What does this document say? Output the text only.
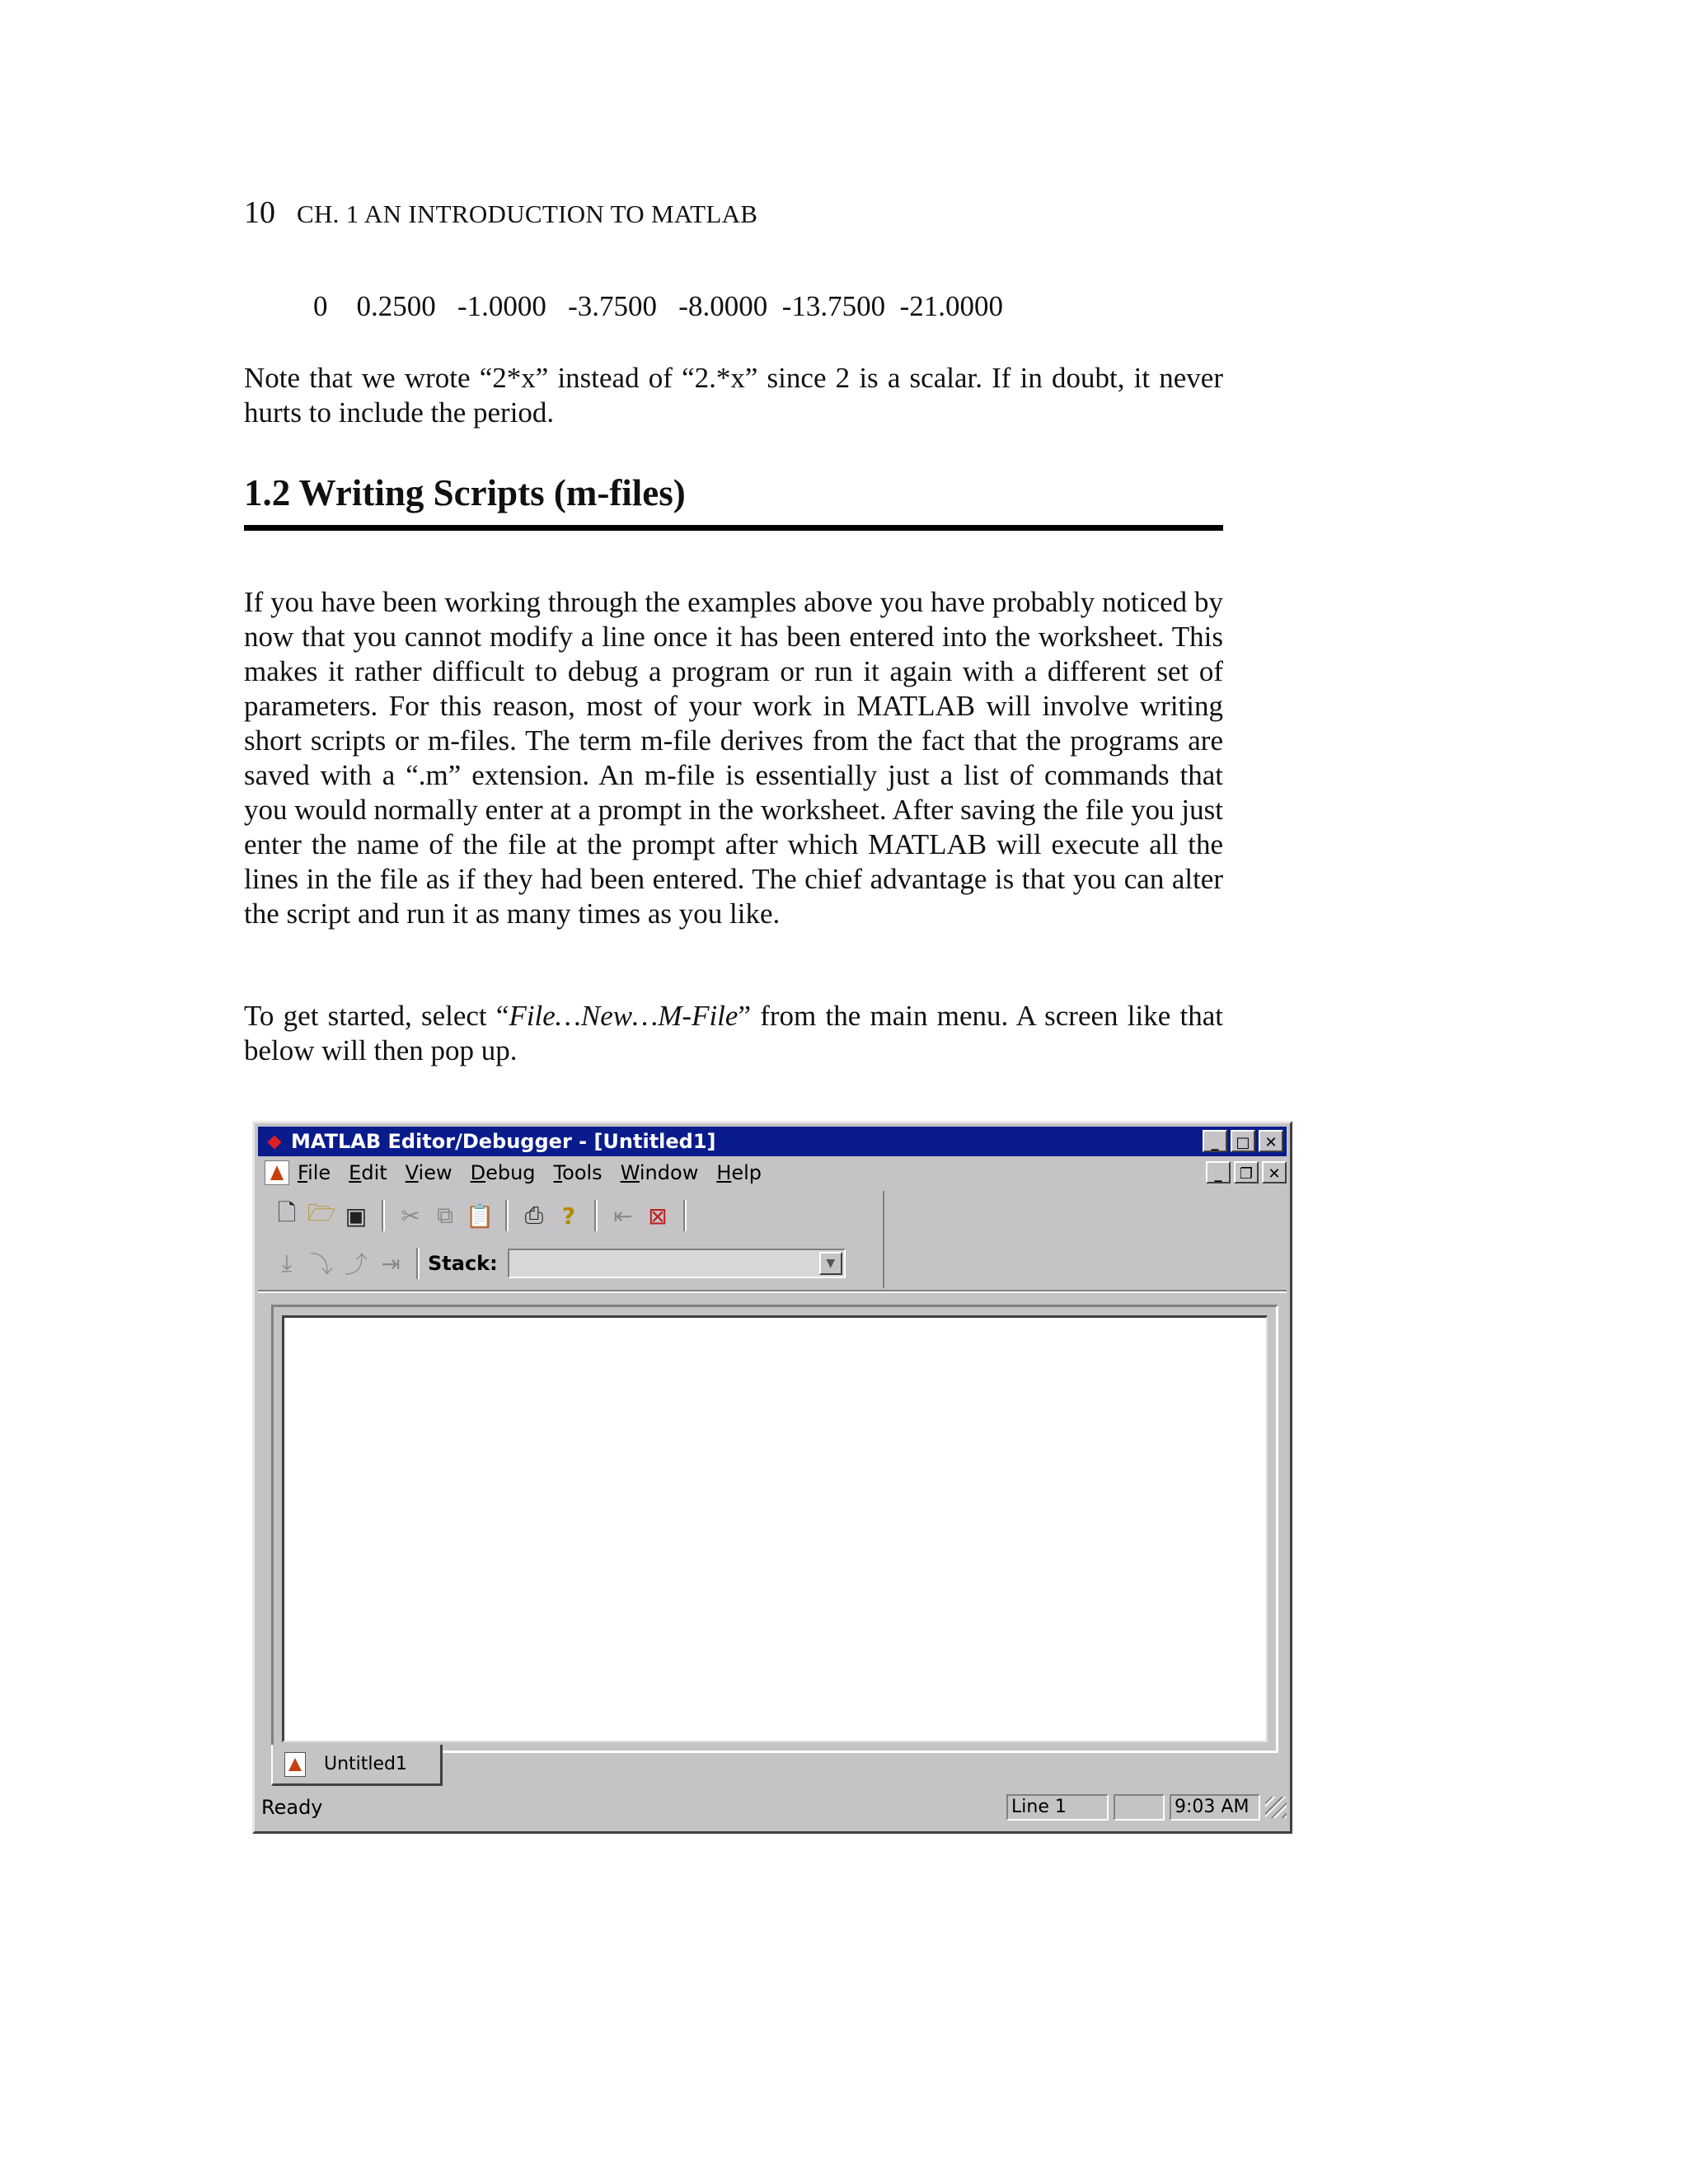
10 CH. 1 AN INTRODUCTION TO MATLAB
0    0.2500   -1.0000   -3.7500   -8.0000  -13.7500  -21.0000

Note that we wrote “2*x” instead of “2.*x” since 2 is a scalar. If in doubt, it never hurts to include the period.

1.2 Writing Scripts (m-files)

If you have been working through the examples above you have probably noticed by now that you cannot modify a line once it has been entered into the worksheet. This makes it rather difficult to debug a program or run it again with a different set of parameters. For this reason, most of your work in MATLAB will involve writing short scripts or m-files. The term m-file derives from the fact that the programs are saved with a “.m” extension. An m-file is essentially just a list of commands that you would normally enter at a prompt in the worksheet. After saving the file you just enter the name of the file at the prompt after which MATLAB will execute all the lines in the file as if they had been entered. The chief advantage is that you can alter the script and run it as many times as you like.

To get started, select “File…New…M-File” from the main menu. A screen like that below will then pop up.

MATLAB Editor/Debugger - [Untitled1]	_	□ ✕
File Edit View Debug Tools Window Help	_	❐	✕
🗋 🗁 ▣	✂ ⧉ 📋	⎙ ?	⇤ ⊠
⤓ ⤵ ⤴ ⇥	Stack:	▼
Untitled1
Ready	Line 1	9:03 AM
